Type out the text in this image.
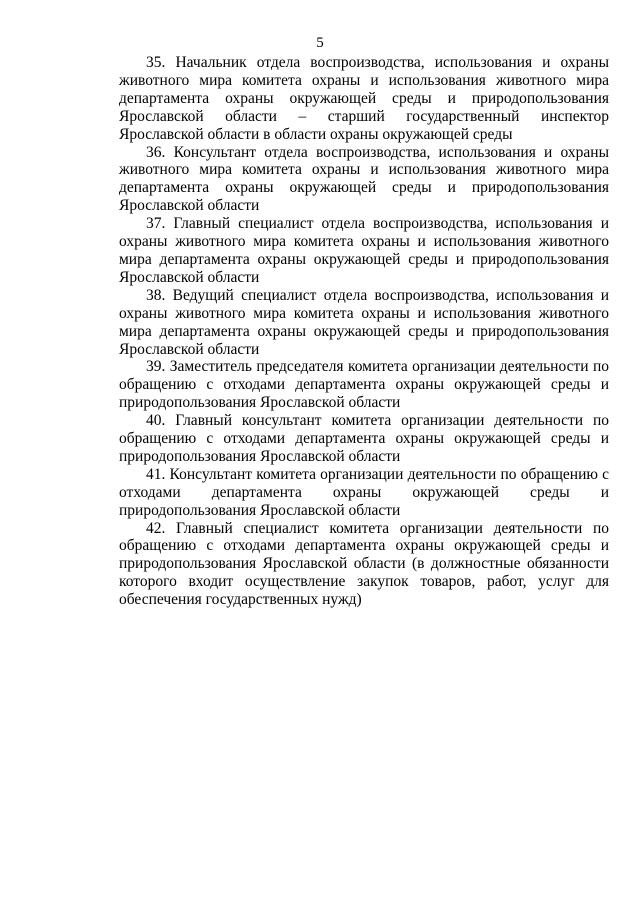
5

35. Начальник отдела воспроизводства, использования и охраны животного мира комитета охраны и использования животного мира департамента охраны окружающей среды и природопользования Ярославской области – старший государственный инспектор Ярославской области в области охраны окружающей среды

36. Консультант отдела воспроизводства, использования и охраны животного мира комитета охраны и использования животного мира департамента охраны окружающей среды и природопользования Ярославской области

37. Главный специалист отдела воспроизводства, использования и охраны животного мира комитета охраны и использования животного мира департамента охраны окружающей среды и природопользования Ярославской области

38. Ведущий специалист отдела воспроизводства, использования и охраны животного мира комитета охраны и использования животного мира департамента охраны окружающей среды и природопользования Ярославской области

39. Заместитель председателя комитета организации деятельности по обращению с отходами департамента охраны окружающей среды и природопользования Ярославской области

40. Главный консультант комитета организации деятельности по обращению с отходами департамента охраны окружающей среды и природопользования Ярославской области

41. Консультант комитета организации деятельности по обращению с отходами департамента охраны окружающей среды и природопользования Ярославской области

42. Главный специалист комитета организации деятельности по обращению с отходами департамента охраны окружающей среды и природопользования Ярославской области (в должностные обязанности которого входит осуществление закупок товаров, работ, услуг для обеспечения государственных нужд)
